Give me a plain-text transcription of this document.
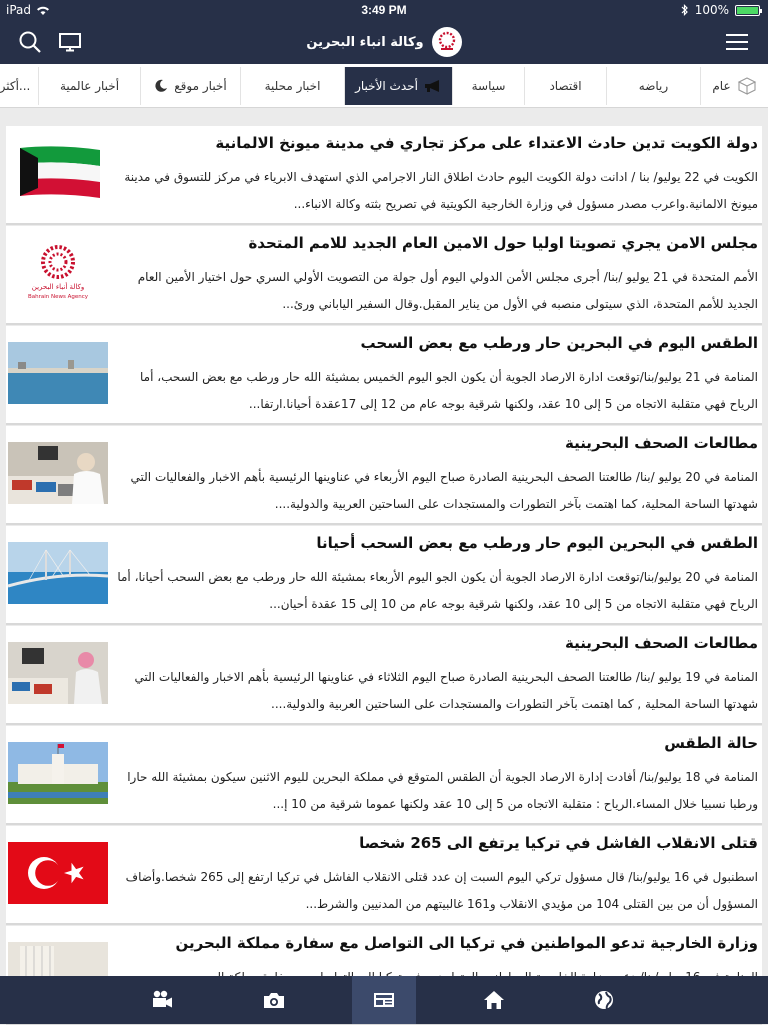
iPad	3:49 PM	100%
وكالة انباء البحرين
عام
رياضه
اقتصاد
سياسة
أحدث الأخبار
اخبار محلية
أخبار موقع
أخبار عالمية
أكثر...
دولة الكويت تدين حادث الاعتداء على مركز تجاري في مدينة ميونخ الالمانية
الكويت في 22 يوليو/ بنا / ادانت دولة الكويت اليوم حادث اطلاق النار الاجرامي الذي استهدف الابرياء في مركز للتسوق في مدينة ميونخ الالمانية.واعرب مصدر مسؤول في وزارة الخارجية الكويتية في تصريح بثته وكالة الانباء...
مجلس الامن يجري تصويتا اوليا حول الامين العام الجديد للامم المتحدة
الأمم المتحدة في 21 يوليو /بنا/ أجرى مجلس الأمن الدولي اليوم أول جولة من التصويت الأولي السري حول اختيار الأمين العام الجديد للأمم المتحدة، الذي سيتولى منصبه في الأول من يناير المقبل.وقال السفير الياباني ورئ...
وكالة أنباء البحرين
Bahrain News Agency
الطقس اليوم في البحرين حار ورطب مع بعض السحب
المنامة في 21 يوليو/بنا/توقعت ادارة الارصاد الجوية أن يكون الجو اليوم الخميس بمشيئة الله حار ورطب مع بعض السحب، أما الرياح فهي متقلبة الاتجاه من 5 إلى 10 عقد، ولكنها شرقية بوجه عام من 12 إلى 17عقدة أحيانا.ارتفا...
مطالعات الصحف البحرينية
المنامة في 20 يوليو /بنا/ طالعتنا الصحف البحرينية الصادرة صباح اليوم الأربعاء في عناوينها الرئيسية بأهم الاخبار والفعاليات التي شهدتها الساحة المحلية، كما اهتمت بآخر التطورات والمستجدات على الساحتين العربية والدولية....
الطقس في البحرين اليوم حار ورطب مع بعض السحب أحيانا
المنامة في 20 يوليو/بنا/توقعت ادارة الارصاد الجوية أن يكون الجو اليوم الأربعاء بمشيئة الله حار ورطب مع بعض السحب أحيانا، أما الرياح فهي متقلبة الاتجاه من 5 إلى 10 عقد، ولكنها شرقية بوجه عام من 10 إلى 15 عقدة أحيان...
مطالعات الصحف البحرينية
المنامة في 19 يوليو /بنا/ طالعتنا الصحف البحرينية الصادرة صباح اليوم الثلاثاء في عناوينها الرئيسية بأهم الاخبار والفعاليات التي شهدتها الساحة المحلية , كما اهتمت بآخر التطورات والمستجدات على الساحتين العربية والدولية....
حالة الطقس
المنامة في 18 يوليو/بنا/ أفادت إدارة الارصاد الجوية أن الطقس المتوقع في مملكة البحرين لليوم الاثنين سيكون بمشيئة الله حارا ورطبا نسبيا خلال المساء.الرياح : متقلبة الاتجاه من 5 إلى 10 عقد ولكنها عموما شرقية من 10 إ...
قتلى الانقلاب الفاشل في تركيا يرتفع الى 265 شخصا
اسطنبول في 16 يوليو/بنا/ قال مسؤول تركي اليوم السبت إن عدد قتلى الانقلاب الفاشل في تركيا ارتفع إلى 265 شخصا.وأضاف المسؤول أن من بين القتلى 104 من مؤيدي الانقلاب و161 غالبيتهم من المدنيين والشرط...
وزارة الخارجية تدعو المواطنين في تركيا الى التواصل مع سفارة مملكة البحرين
